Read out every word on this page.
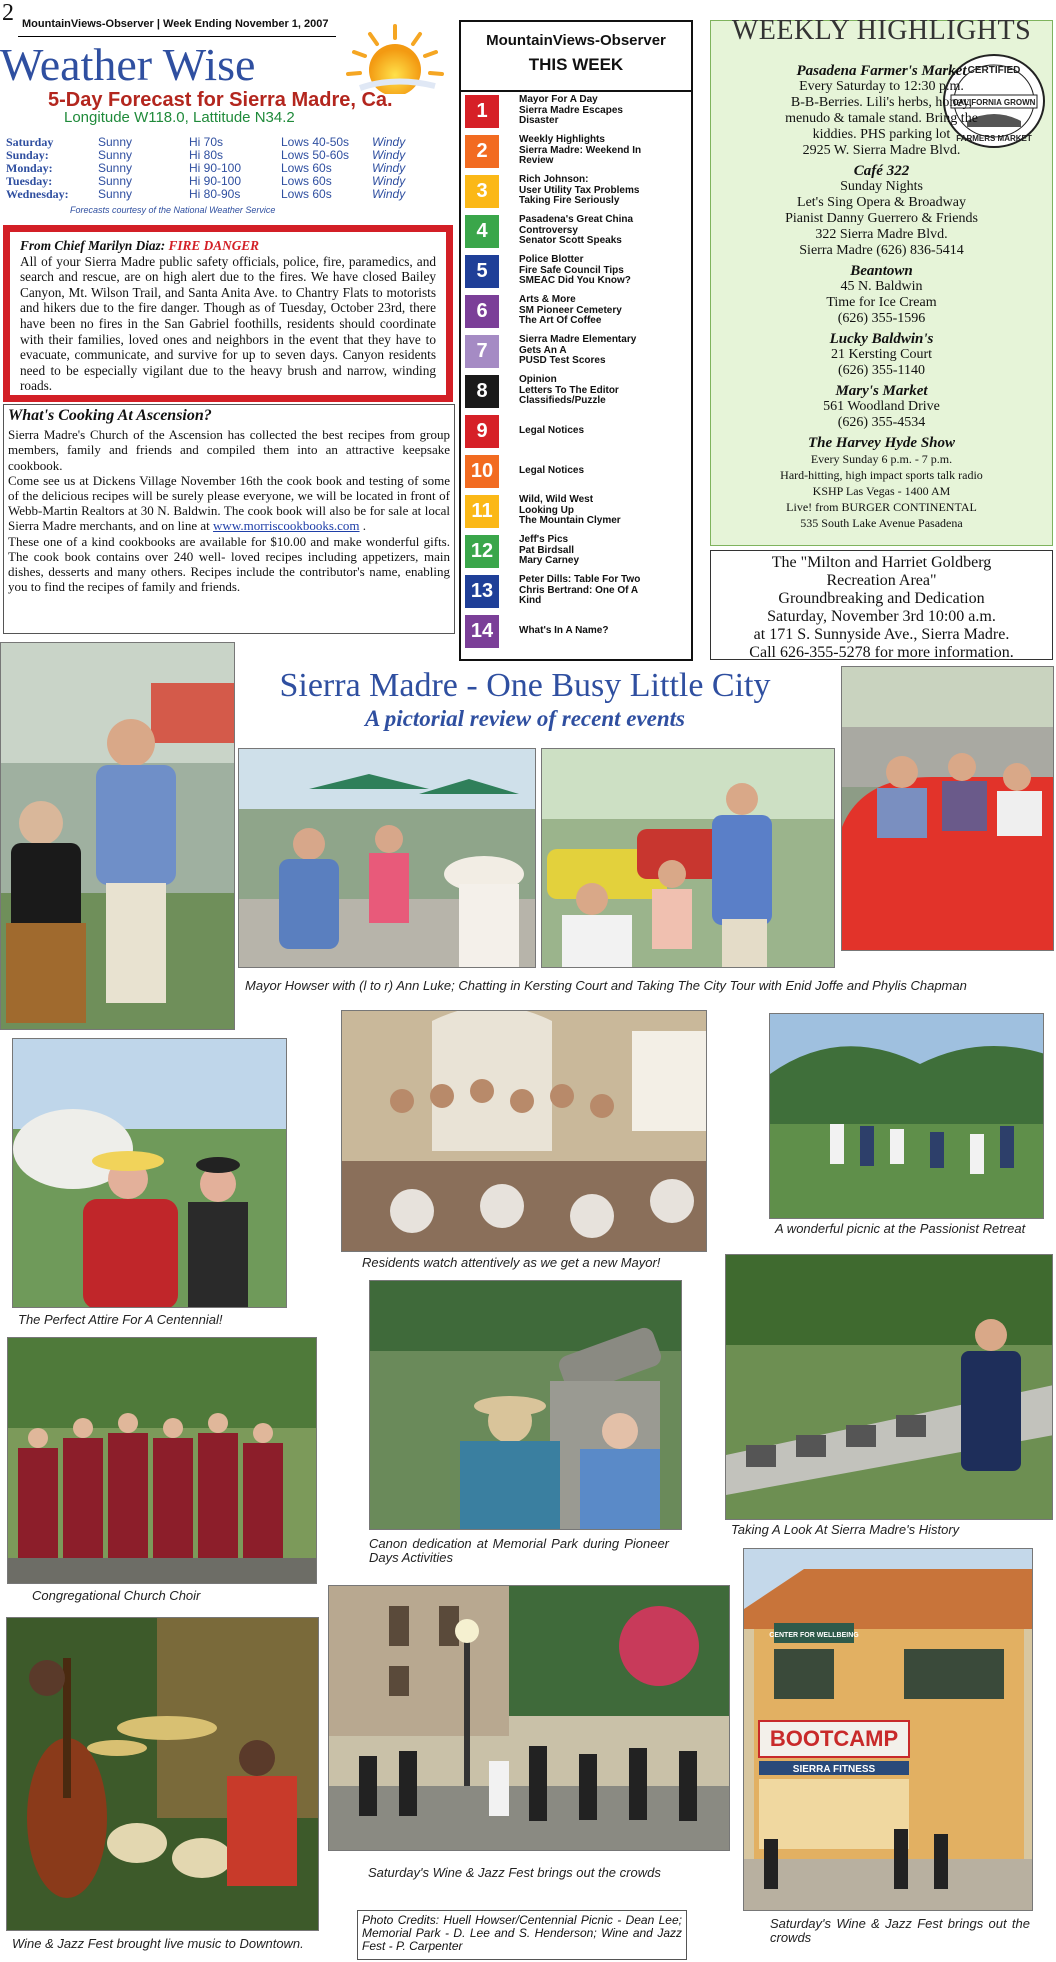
2 MountainViews-Observer | Week Ending November 1, 2007
Weather Wise
5-Day Forecast for Sierra Madre, Ca.
Longitude W118.0, Lattitude N34.2
Saturday	Sunny	Hi 70s	Lows 40-50s	Windy
Sunday:	Sunny	Hi 80s	Lows 50-60s	Windy
Monday:	Sunny	Hi 90-100	Lows 60s	Windy
Tuesday:	Sunny	Hi 90-100	Lows 60s	Windy
Wednesday:	Sunny	Hi 80-90s	Lows 60s	Windy
Forecasts courtesy of the National Weather Service
From Chief Marilyn Diaz: FIRE DANGER
All of your Sierra Madre public safety officials, police, fire, paramedics, and search and rescue, are on high alert due to the fires. We have closed Bailey Canyon, Mt. Wilson Trail, and Santa Anita Ave. to Chantry Flats to motorists and hikers due to the fire danger. Though as of Tuesday, October 23rd, there have been no fires in the San Gabriel foothills, residents should coordinate with their families, loved ones and neighbors in the event that they have to evacuate, communicate, and survive for up to seven days. Canyon residents need to be especially vigilant due to the heavy brush and narrow, winding roads.
What's Cooking At Ascension?
Sierra Madre's Church of the Ascension has collected the best recipes from group members, family and friends and compiled them into an attractive keepsake cookbook.
Come see us at Dickens Village November 16th the cook book and testing of some of the delicious recipes will be surely please everyone, we will be located in front of Webb-Martin Realtors at 30 N. Baldwin. The cook book will also be for sale at local Sierra Madre merchants, and on line at www.morriscookbooks.com .
These one of a kind cookbooks are available for $10.00 and make wonderful gifts. The cook book contains over 240 well- loved recipes including appetizers, main dishes, desserts and many others. Recipes include the contributor's name, enabling you to find the recipes of family and friends.
MountainViews-Observer
THIS WEEK
1	Mayor For A Day
Sierra Madre Escapes
Disaster
2	Weekly Highlights
Sierra Madre: Weekend In
Review
3	Rich Johnson:
User Utility Tax Problems
Taking Fire Seriously
4	Pasadena's Great China
Controversy
Senator Scott Speaks
5	Police Blotter
Fire Safe Council Tips
SMEAC Did You Know?
6	Arts & More
SM Pioneer Cemetery
The Art Of Coffee
7	Sierra Madre Elementary
Gets An A
PUSD Test Scores
8	Opinion
Letters To The Editor
Classifieds/Puzzle
9	Legal Notices
10	Legal Notices
11	Wild, Wild West
Looking Up
The Mountain Clymer
12	Jeff's Pics
Pat Birdsall
Mary Carney
13	Peter Dills: Table For Two
Chris Bertrand: One Of A
Kind
14	What's In A Name?
WEEKLY HIGHLIGHTS
CERTIFIED
CALIFORNIA GROWN
FARMERS MARKET
Pasadena Farmer's Market
Every Saturday to 12:30 p.m.
B-B-Berries. Lili's herbs, honey,
menudo & tamale stand. Bring the
kiddies. PHS parking lot
2925 W. Sierra Madre Blvd.
Café 322
Sunday Nights
Let's Sing Opera & Broadway
Pianist Danny Guerrero & Friends
322 Sierra Madre Blvd.
Sierra Madre (626) 836-5414
Beantown
45 N. Baldwin
Time for Ice Cream
(626) 355-1596
Lucky Baldwin's
21 Kersting Court
(626) 355-1140
Mary's Market
561 Woodland Drive
(626) 355-4534
The Harvey Hyde Show
Every Sunday 6 p.m. - 7 p.m.
Hard-hitting, high impact sports talk radio
KSHP Las Vegas - 1400 AM
Live! from BURGER CONTINENTAL
535 South Lake Avenue Pasadena
The "Milton and Harriet Goldberg
Recreation Area"
Groundbreaking and Dedication
Saturday, November 3rd 10:00 a.m.
at 171 S. Sunnyside Ave., Sierra Madre.
Call 626-355-5278 for more information.
Sierra Madre - One Busy Little City
A pictorial review of recent events
Mayor Howser with (l to r) Ann Luke; Chatting in Kersting Court and Taking The City Tour with Enid Joffe and Phylis Chapman
Residents watch attentively as we get a new Mayor!
A wonderful picnic at the Passionist Retreat
The Perfect Attire For A Centennial!
Congregational Church Choir
Canon dedication at Memorial Park during Pioneer Days Activities
Taking A Look At Sierra Madre's History
Wine & Jazz Fest brought live music to Downtown.
Saturday's Wine & Jazz Fest brings out the crowds
CENTER FOR WELLBEING
BOOTCAMP
SIERRA FITNESS
Saturday's Wine & Jazz Fest brings out the crowds
Photo Credits: Huell Howser/Centennial Picnic - Dean Lee; Memorial Park - D. Lee and S. Henderson; Wine and Jazz Fest - P. Carpenter
